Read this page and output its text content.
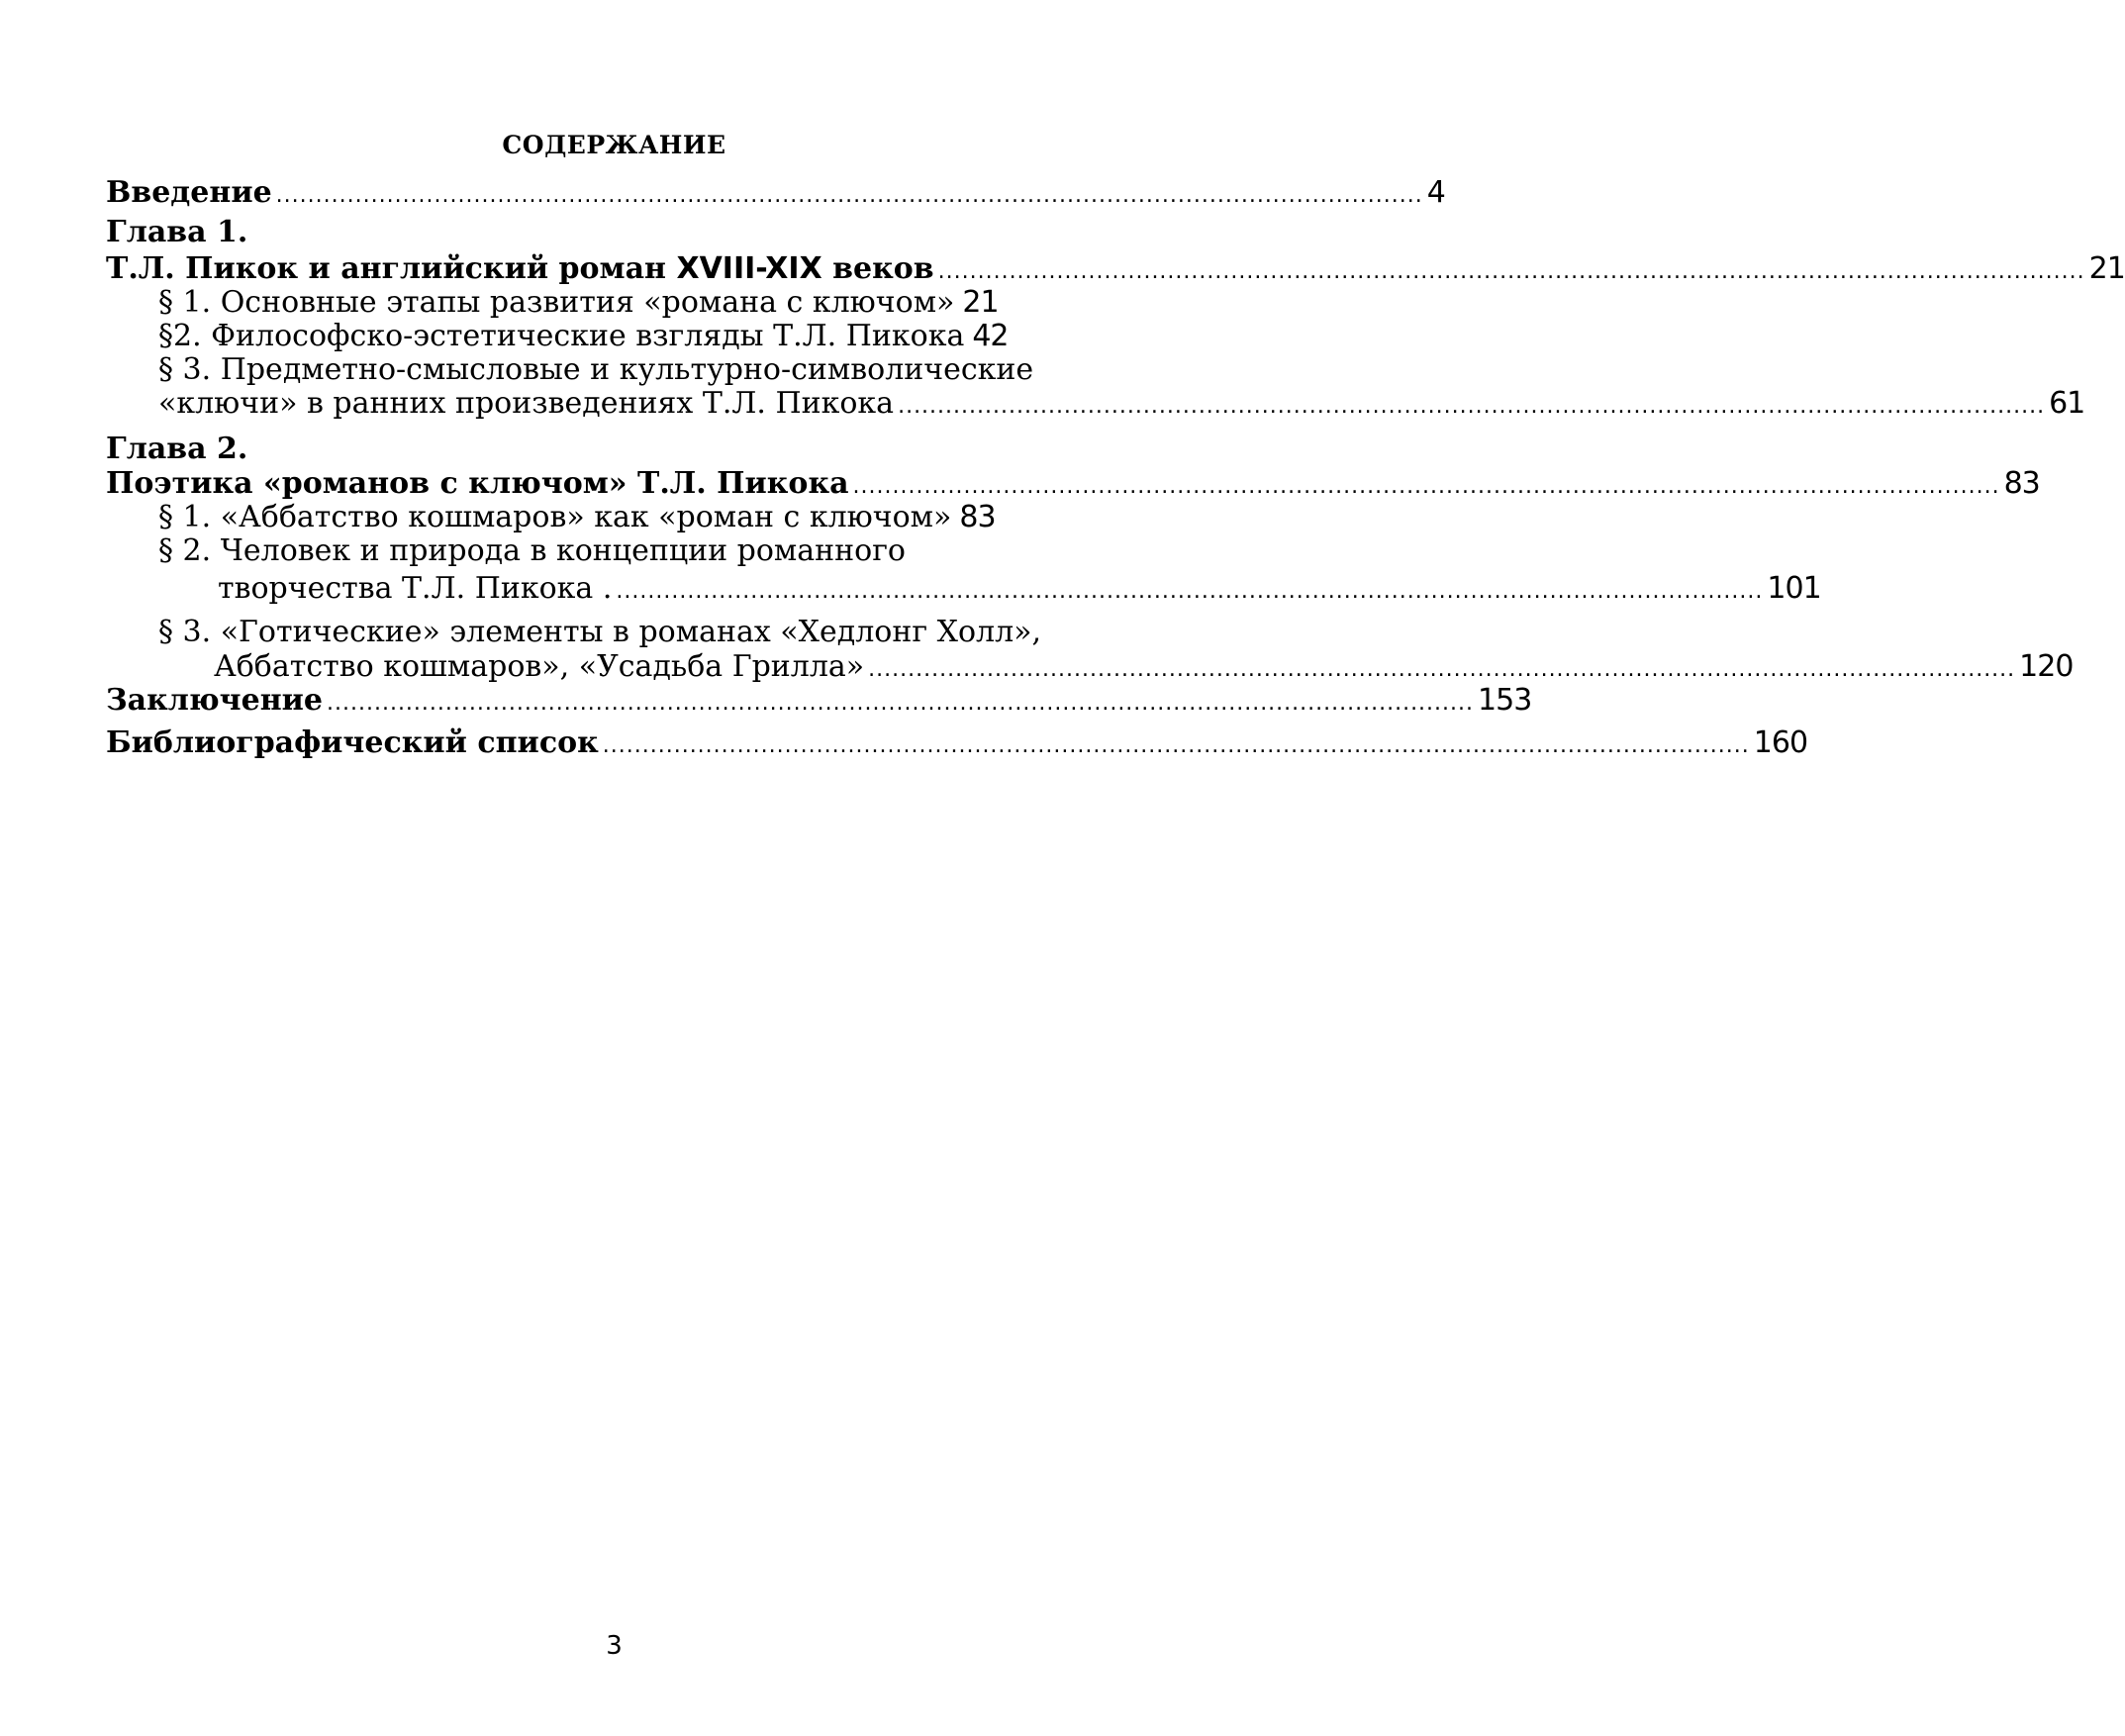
СОДЕРЖАНИЕ
Введение ................................................................................................................................................. 4
Глава 1.
Т.Л. Пикок и английский роман XVIII-XIX веков ................................................................................................................................................. 21
§ 1. Основные этапы развития «романа с ключом» 21
§2. Философско-эстетические взгляды Т.Л. Пикока 42
§ 3. Предметно-смысловые и культурно-символические
«ключи» в ранних произведениях Т.Л. Пикока ................................................................................................................................................. 61
Глава 2.
Поэтика «романов с ключом» Т.Л. Пикока ................................................................................................................................................. 83
§ 1. «Аббатство кошмаров» как «роман с ключом» 83
§ 2. Человек и природа в концепции романного
творчества Т.Л. Пикока . ................................................................................................................................................. 101
§ 3. «Готические» элементы в романах «Хедлонг Холл»,
Аббатство кошмаров», «Усадьба Грилла» ................................................................................................................................................. 120
Заключение ................................................................................................................................................. 153
Библиографический список ................................................................................................................................................. 160
3
